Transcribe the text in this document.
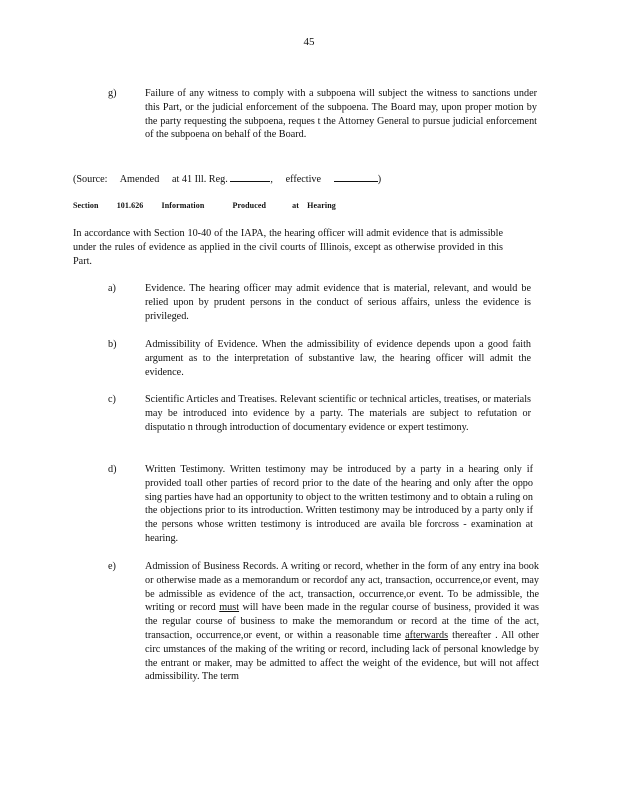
45
g)	Failure of any witness to comply with a subpoena will subject the witness to sanctions under this Part, or the judicial enforcement of the subpoena. The Board may, upon proper motion by the party requesting the subpoena, reques t the Attorney General to pursue judicial enforcement of the subpoena on behalf of the Board.
(Source: Amended at 41 Ill. Reg.	, effective	)
Section 101.626 Information	Produced	at Hearing
In accordance with Section 10-40 of the IAPA, the hearing officer will admit evidence that is admissible under the rules of evidence as applied in the civil courts of Illinois, except as otherwise provided in this Part.
a)	Evidence. The hearing officer may admit evidence that is material, relevant, and would be relied upon by prudent persons in the conduct of serious affairs, unless the evidence is privileged.
b)	Admissibility of Evidence. When the admissibility of evidence depends upon a good faith argument as to the interpretation of substantive law, the hearing officer will admit the evidence.
c)	Scientific Articles and Treatises. Relevant scientific or technical articles, treatises, or materials may be introduced into evidence by a party. The materials are subject to refutation or disputatio n through introduction of documentary evidence or expert testimony.
d)	Written Testimony. Written testimony may be introduced by a party in a hearing only if provided toall other parties of record prior to the date of the hearing and only after the oppo sing parties have had an opportunity to object to the written testimony and to obtain a ruling on the objections prior to its introduction. Written testimony may be introduced by a party only if the persons whose written testimony is introduced are availa ble forcross - examination at hearing.
e)	Admission of Business Records. A writing or record, whether in the form of any entry ina book or otherwise made as a memorandum or recordof any act, transaction, occurrence,or event, may be admissible as evidence of the act, transaction, occurrence,or event. To be admissible, the writing or record must will have been made in the regular course of business, provided it was the regular course of business to make the memorandum or record at the time of the act, transaction, occurrence,or event, or within a reasonable time afterwards thereafter . All other circ umstances of the making of the writing or record, including lack of personal knowledge by the entrant or maker, may be admitted to affect the weight of the evidence, but will not affect admissibility. The term
